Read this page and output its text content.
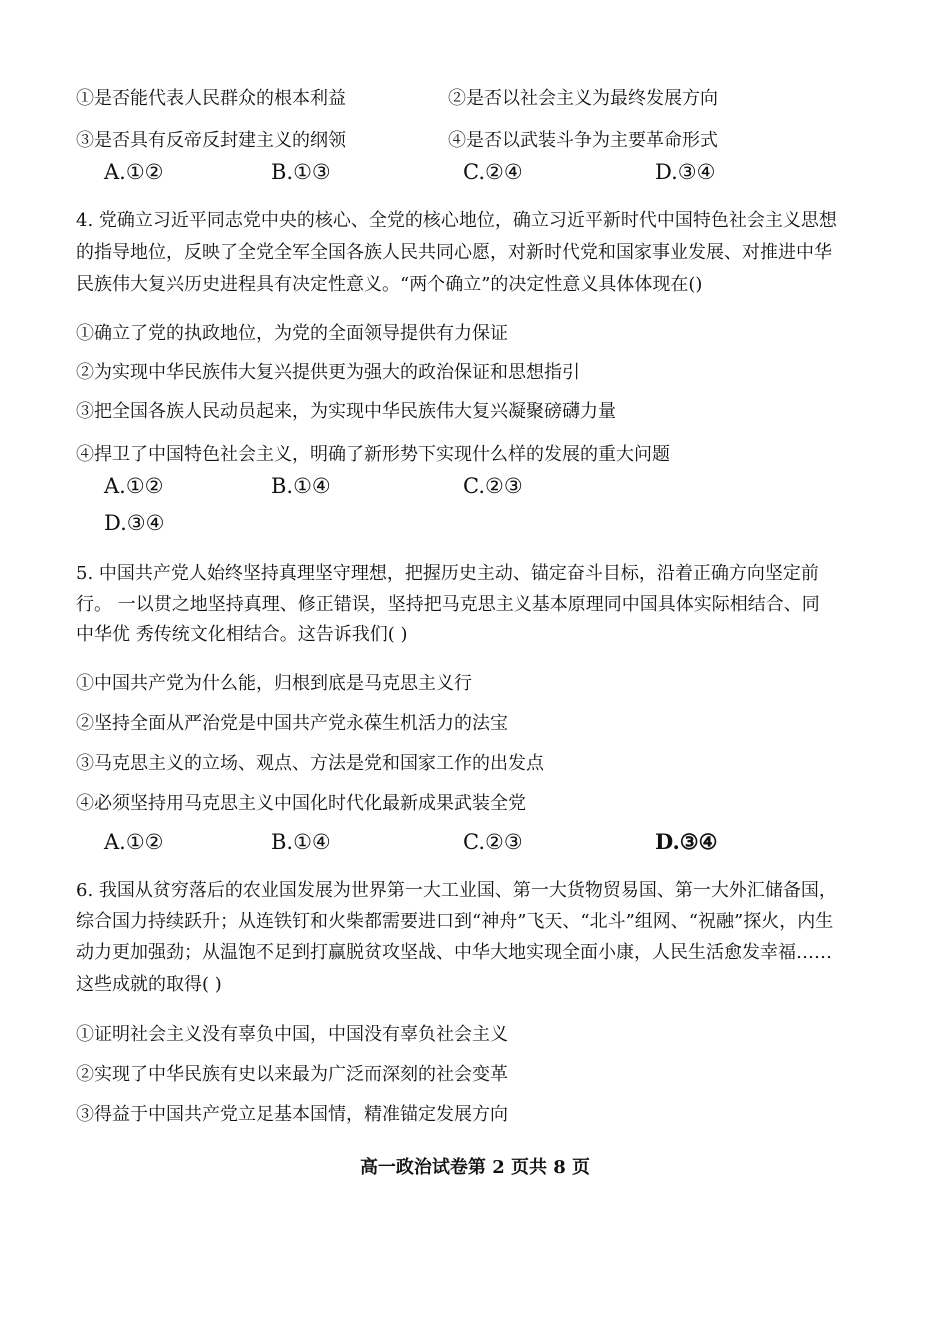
①是否能代表人民群众的根本利益	②是否以社会主义为最终发展方向
③是否具有反帝反封建主义的纲领	④是否以武装斗争为主要革命形式
A.①②	B.①③	C.②④	D.③④
4. 党确立习近平同志党中央的核心、全党的核心地位，确立习近平新时代中国特色社会主义思想
的指导地位，反映了全党全军全国各族人民共同心愿，对新时代党和国家事业发展、对推进中华
民族伟大复兴历史进程具有决定性意义。“两个确立”的决定性意义具体体现在()
①确立了党的执政地位，为党的全面领导提供有力保证
②为实现中华民族伟大复兴提供更为强大的政治保证和思想指引
③把全国各族人民动员起来，为实现中华民族伟大复兴凝聚磅礴力量
④捍卫了中国特色社会主义，明确了新形势下实现什么样的发展的重大问题
A.①②	B.①④	C.②③
D.③④
5. 中国共产党人始终坚持真理坚守理想，把握历史主动、锚定奋斗目标，沿着正确方向坚定前
行。 一以贯之地坚持真理、修正错误，坚持把马克思主义基本原理同中国具体实际相结合、同
中华优 秀传统文化相结合。这告诉我们( )
①中国共产党为什么能，归根到底是马克思主义行
②坚持全面从严治党是中国共产党永葆生机活力的法宝
③马克思主义的立场、观点、方法是党和国家工作的出发点
④必须坚持用马克思主义中国化时代化最新成果武装全党
A.①②	B.①④	C.②③	D.③④
6. 我国从贫穷落后的农业国发展为世界第一大工业国、第一大货物贸易国、第一大外汇储备国，
综合国力持续跃升；从连铁钉和火柴都需要进口到“神舟”飞天、“北斗”组网、“祝融”探火，内生
动力更加强劲；从温饱不足到打赢脱贫攻坚战、中华大地实现全面小康，人民生活愈发幸福……
这些成就的取得( )
①证明社会主义没有辜负中国，中国没有辜负社会主义
②实现了中华民族有史以来最为广泛而深刻的社会变革
③得益于中国共产党立足基本国情，精准锚定发展方向
高一政治试卷第 2 页共 8 页
